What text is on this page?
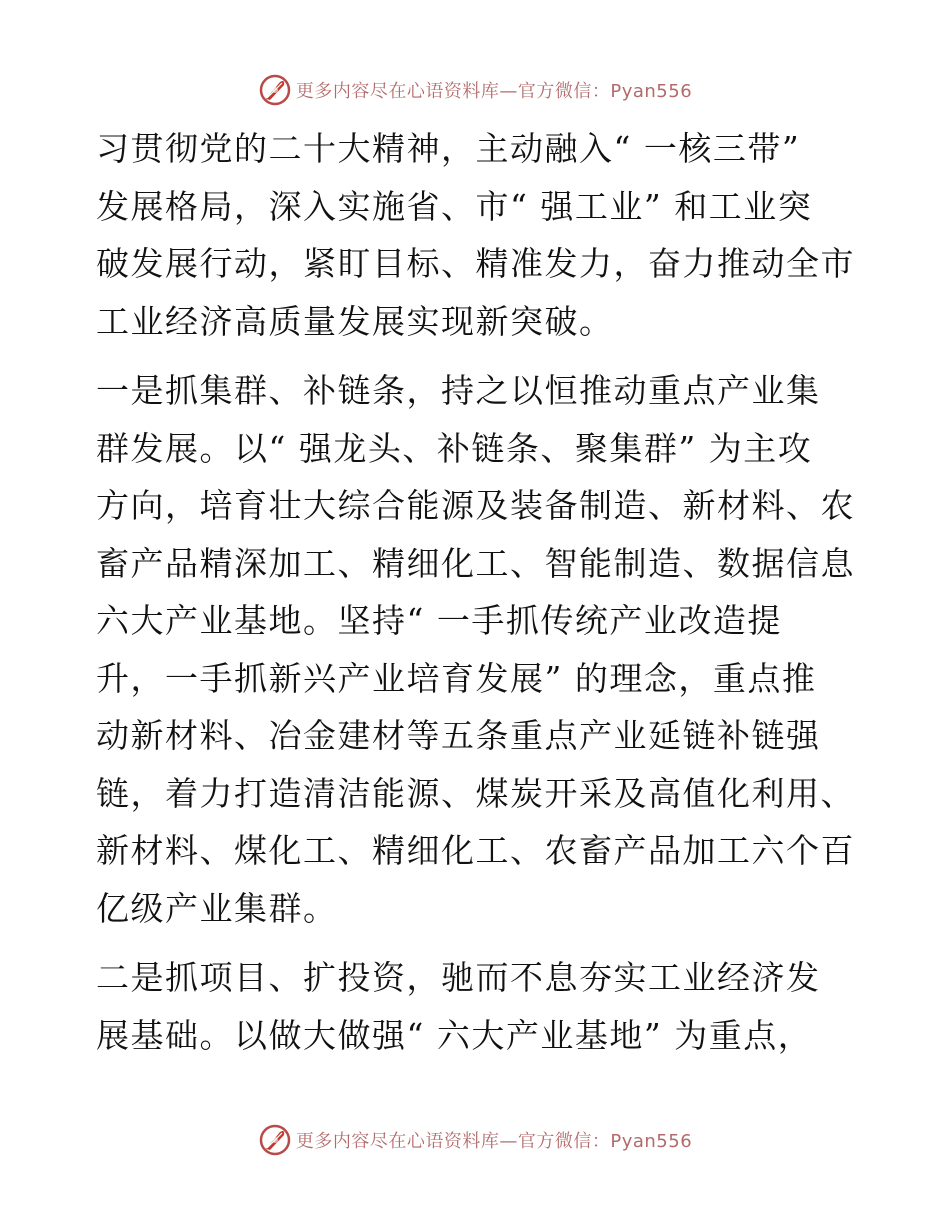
更多内容尽在心语资料库—官方微信：Pyan556

习贯彻党的二十大精神，主动融入“ 一核三带”
发展格局，深入实施省、市“ 强工业” 和工业突
破发展行动，紧盯目标、精准发力，奋力推动全市
工业经济高质量发展实现新突破。

一是抓集群、补链条，持之以恒推动重点产业集
群发展。以“ 强龙头、补链条、聚集群” 为主攻
方向，培育壮大综合能源及装备制造、新材料、农
畜产品精深加工、精细化工、智能制造、数据信息
六大产业基地。坚持“ 一手抓传统产业改造提
升，一手抓新兴产业培育发展” 的理念，重点推
动新材料、冶金建材等五条重点产业延链补链强
链，着力打造清洁能源、煤炭开采及高值化利用、
新材料、煤化工、精细化工、农畜产品加工六个百
亿级产业集群。

二是抓项目、扩投资，驰而不息夯实工业经济发
展基础。以做大做强“ 六大产业基地” 为重点，

更多内容尽在心语资料库—官方微信：Pyan556
